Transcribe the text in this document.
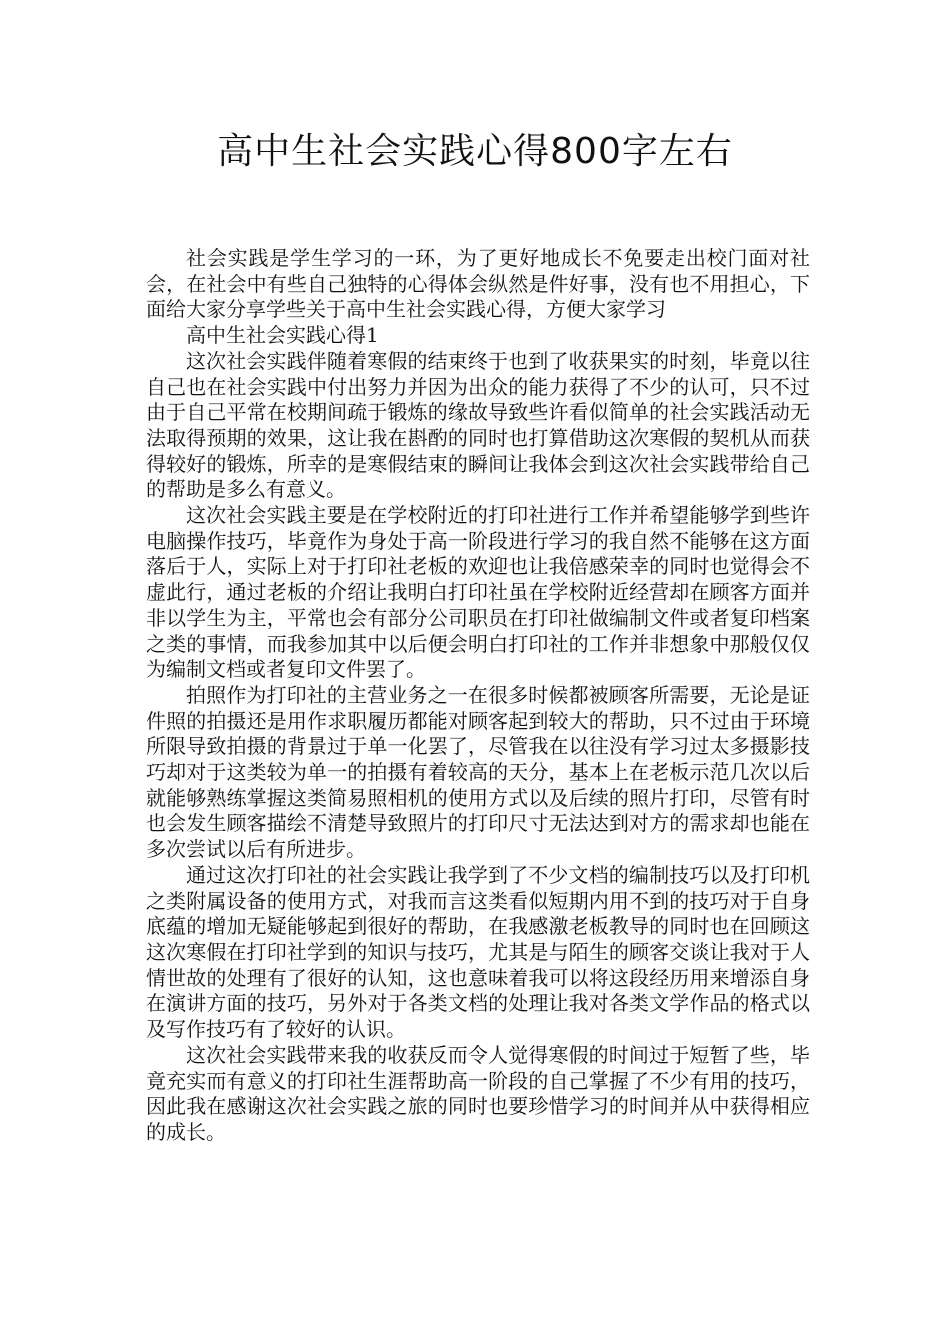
高中生社会实践心得800字左右

社会实践是学生学习的一环，为了更好地成长不免要走出校门面对社会，在社会中有些自己独特的心得体会纵然是件好事，没有也不用担心，下面给大家分享学些关于高中生社会实践心得，方便大家学习

高中生社会实践心得1

这次社会实践伴随着寒假的结束终于也到了收获果实的时刻，毕竟以往自己也在社会实践中付出努力并因为出众的能力获得了不少的认可，只不过由于自己平常在校期间疏于锻炼的缘故导致些许看似简单的社会实践活动无法取得预期的效果，这让我在斟酌的同时也打算借助这次寒假的契机从而获得较好的锻炼，所幸的是寒假结束的瞬间让我体会到这次社会实践带给自己的帮助是多么有意义。

这次社会实践主要是在学校附近的打印社进行工作并希望能够学到些许电脑操作技巧，毕竟作为身处于高一阶段进行学习的我自然不能够在这方面落后于人，实际上对于打印社老板的欢迎也让我倍感荣幸的同时也觉得会不虚此行，通过老板的介绍让我明白打印社虽在学校附近经营却在顾客方面并非以学生为主，平常也会有部分公司职员在打印社做编制文件或者复印档案之类的事情，而我参加其中以后便会明白打印社的工作并非想象中那般仅仅为编制文档或者复印文件罢了。

拍照作为打印社的主营业务之一在很多时候都被顾客所需要，无论是证件照的拍摄还是用作求职履历都能对顾客起到较大的帮助，只不过由于环境所限导致拍摄的背景过于单一化罢了，尽管我在以往没有学习过太多摄影技巧却对于这类较为单一的拍摄有着较高的天分，基本上在老板示范几次以后就能够熟练掌握这类简易照相机的使用方式以及后续的照片打印，尽管有时也会发生顾客描绘不清楚导致照片的打印尺寸无法达到对方的需求却也能在多次尝试以后有所进步。

通过这次打印社的社会实践让我学到了不少文档的编制技巧以及打印机之类附属设备的使用方式，对我而言这类看似短期内用不到的技巧对于自身底蕴的增加无疑能够起到很好的帮助，在我感激老板教导的同时也在回顾这这次寒假在打印社学到的知识与技巧，尤其是与陌生的顾客交谈让我对于人情世故的处理有了很好的认知，这也意味着我可以将这段经历用来增添自身在演讲方面的技巧，另外对于各类文档的处理让我对各类文学作品的格式以及写作技巧有了较好的认识。

这次社会实践带来我的收获反而令人觉得寒假的时间过于短暂了些，毕竟充实而有意义的打印社生涯帮助高一阶段的自己掌握了不少有用的技巧，因此我在感谢这次社会实践之旅的同时也要珍惜学习的时间并从中获得相应的成长。
